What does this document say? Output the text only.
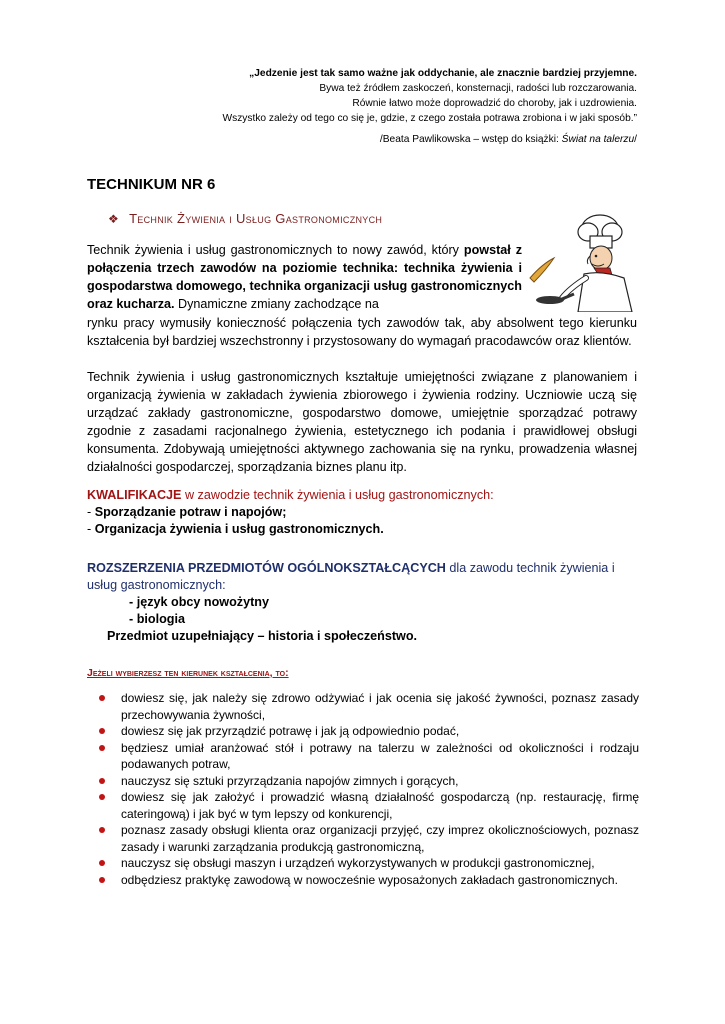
„Jedzenie jest tak samo ważne jak oddychanie, ale znacznie bardziej przyjemne.
Bywa też źródłem zaskoczeń, konsternacji, radości lub rozczarowania.
Równie łatwo może doprowadzić do choroby, jak i uzdrowienia.
Wszystko zależy od tego co się je, gdzie, z czego została potrawa zrobiona i w jaki sposób.”
/Beata Pawlikowska – wstęp do książki: Świat na talerzu/
TECHNIKUM NR 6
❖ Technik Żywienia i Usług Gastronomicznych
Technik żywienia i usług gastronomicznych to nowy zawód, który powstał z połączenia trzech zawodów na poziomie technika: technika żywienia i gospodarstwa domowego, technika organizacji usług gastronomicznych oraz kucharza. Dynamiczne zmiany zachodzące na
rynku pracy wymusiły konieczność połączenia tych zawodów tak, aby absolwent tego kierunku kształcenia był bardziej wszechstronny i przystosowany do wymagań pracodawców oraz klientów.
Technik żywienia i usług gastronomicznych kształtuje umiejętności związane z planowaniem i organizacją żywienia w zakładach żywienia zbiorowego i żywienia rodziny. Uczniowie uczą się urządzać zakłady gastronomiczne, gospodarstwo domowe, umiejętnie sporządzać potrawy zgodnie z zasadami racjonalnego żywienia, estetycznego ich podania i prawidłowej obsługi konsumenta. Zdobywają umiejętności aktywnego zachowania się na rynku, prowadzenia własnej działalności gospodarczej, sporządzania biznes planu itp.
KWALIFIKACJE w zawodzie technik żywienia i usług gastronomicznych:
- Sporządzanie potraw i napojów;
- Organizacja żywienia i usług gastronomicznych.
ROZSZERZENIA PRZEDMIOTÓW OGÓLNOKSZTAŁCĄCYCH dla zawodu technik żywienia i usług gastronomicznych:
- język obcy nowożytny
- biologia
Przedmiot uzupełniający – historia i społeczeństwo.
Jeżeli wybierzesz ten kierunek kształcenia, to:
dowiesz się, jak należy się zdrowo odżywiać i jak ocenia się jakość żywności, poznasz zasady przechowywania żywności,
dowiesz się jak przyrządzić potrawę i jak ją odpowiednio podać,
będziesz umiał aranżować stół i potrawy na talerzu w zależności od okoliczności i rodzaju podawanych potraw,
nauczysz się sztuki przyrządzania napojów zimnych i gorących,
dowiesz się jak założyć i prowadzić własną działalność gospodarczą (np. restaurację, firmę cateringową) i jak być w tym lepszy od konkurencji,
poznasz zasady obsługi klienta oraz organizacji przyjęć, czy imprez okolicznościowych, poznasz zasady i warunki zarządzania produkcją gastronomiczną,
nauczysz się obsługi maszyn i urządzeń wykorzystywanych w produkcji gastronomicznej,
odbędziesz praktykę zawodową w nowocześnie wyposażonych zakładach gastronomicznych.
